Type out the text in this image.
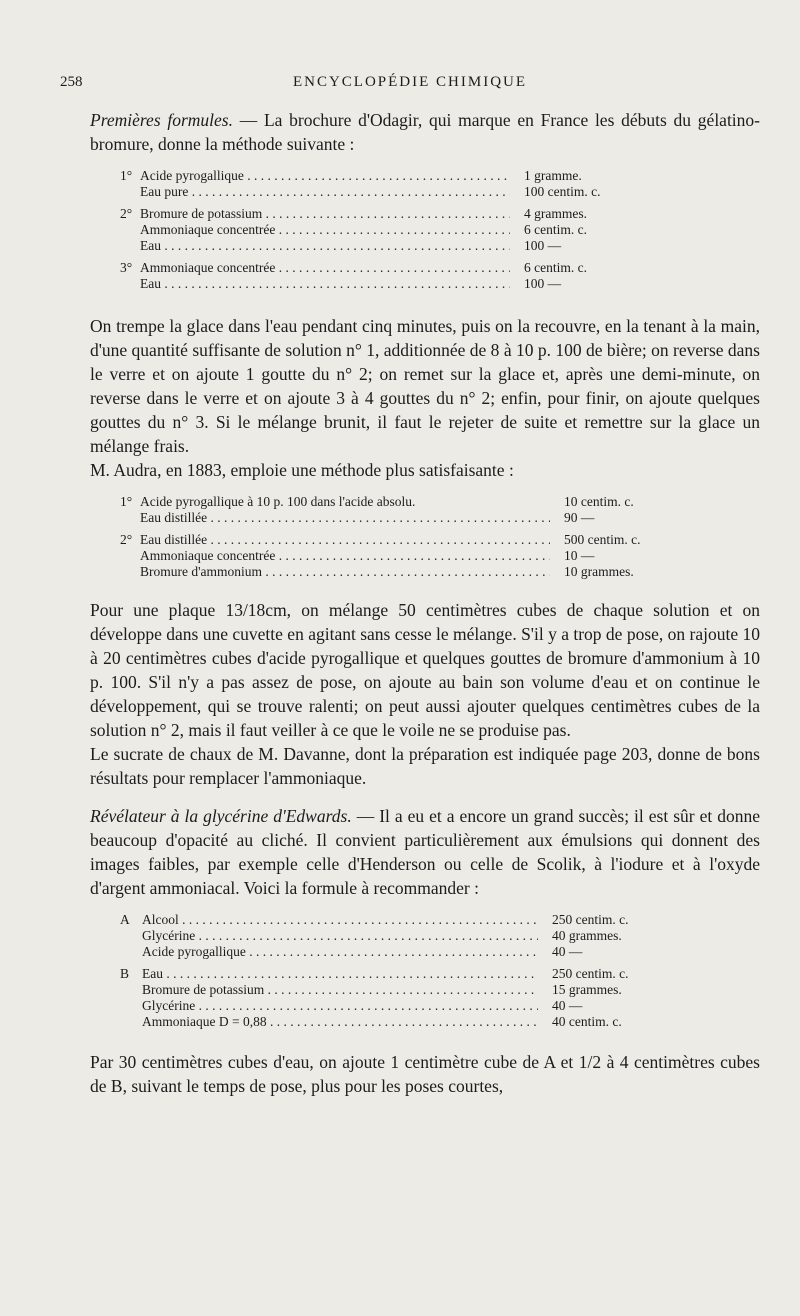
258	ENCYCLOPÉDIE CHIMIQUE

Premières formules. — La brochure d'Odagir, qui marque en France les débuts du gélatino-bromure, donne la méthode suivante :

1° Acide pyrogallique . . .	1 gramme.
Eau pure . . .	100 centim. c.
2° Bromure de potassium . . .	4 grammes.
Ammoniaque concentrée . . .	6 centim. c.
Eau . . .	100 —
3° Ammoniaque concentrée . . .	6 centim. c.
Eau . . .	100 —

On trempe la glace dans l'eau pendant cinq minutes, puis on la recouvre, en la tenant à la main, d'une quantité suffisante de solution n° 1, additionnée de 8 à 10 p. 100 de bière; on reverse dans le verre et on ajoute 1 goutte du n° 2; on remet sur la glace et, après une demi-minute, on reverse dans le verre et on ajoute 3 à 4 gouttes du n° 2; enfin, pour finir, on ajoute quelques gouttes du n° 3. Si le mélange brunit, il faut le rejeter de suite et remettre sur la glace un mélange frais.

M. Audra, en 1883, emploie une méthode plus satisfaisante :

1° Acide pyrogallique à 10 p. 100 dans l'acide absolu.	10 centim. c.
Eau distillée . . .	90 —
2° Eau distillée . . .	500 centim. c.
Ammoniaque concentrée . . .	10 —
Bromure d'ammonium . . .	10 grammes.

Pour une plaque 13/18cm, on mélange 50 centimètres cubes de chaque solution et on développe dans une cuvette en agitant sans cesse le mélange. S'il y a trop de pose, on rajoute 10 à 20 centimètres cubes d'acide pyrogallique et quelques gouttes de bromure d'ammonium à 10 p. 100. S'il n'y a pas assez de pose, on ajoute au bain son volume d'eau et on continue le développement, qui se trouve ralenti; on peut aussi ajouter quelques centimètres cubes de la solution n° 2, mais il faut veiller à ce que le voile ne se produise pas.

Le sucrate de chaux de M. Davanne, dont la préparation est indiquée page 203, donne de bons résultats pour remplacer l'ammoniaque.

Révélateur à la glycérine d'Edwards. — Il a eu et a encore un grand succès; il est sûr et donne beaucoup d'opacité au cliché. Il convient particulièrement aux émulsions qui donnent des images faibles, par exemple celle d'Henderson ou celle de Scolik, à l'iodure et à l'oxyde d'argent ammoniacal. Voici la formule à recommander :

A Alcool . . .	250 centim. c.
Glycérine . . .	40 grammes.
Acide pyrogallique . . .	40 —
B Eau . . .	250 centim. c.
Bromure de potassium . . .	15 grammes.
Glycérine . . .	40 —
Ammoniaque D = 0,88 . . .	40 centim. c.

Par 30 centimètres cubes d'eau, on ajoute 1 centimètre cube de A et 1/2 à 4 centimètres cubes de B, suivant le temps de pose, plus pour les poses courtes,
